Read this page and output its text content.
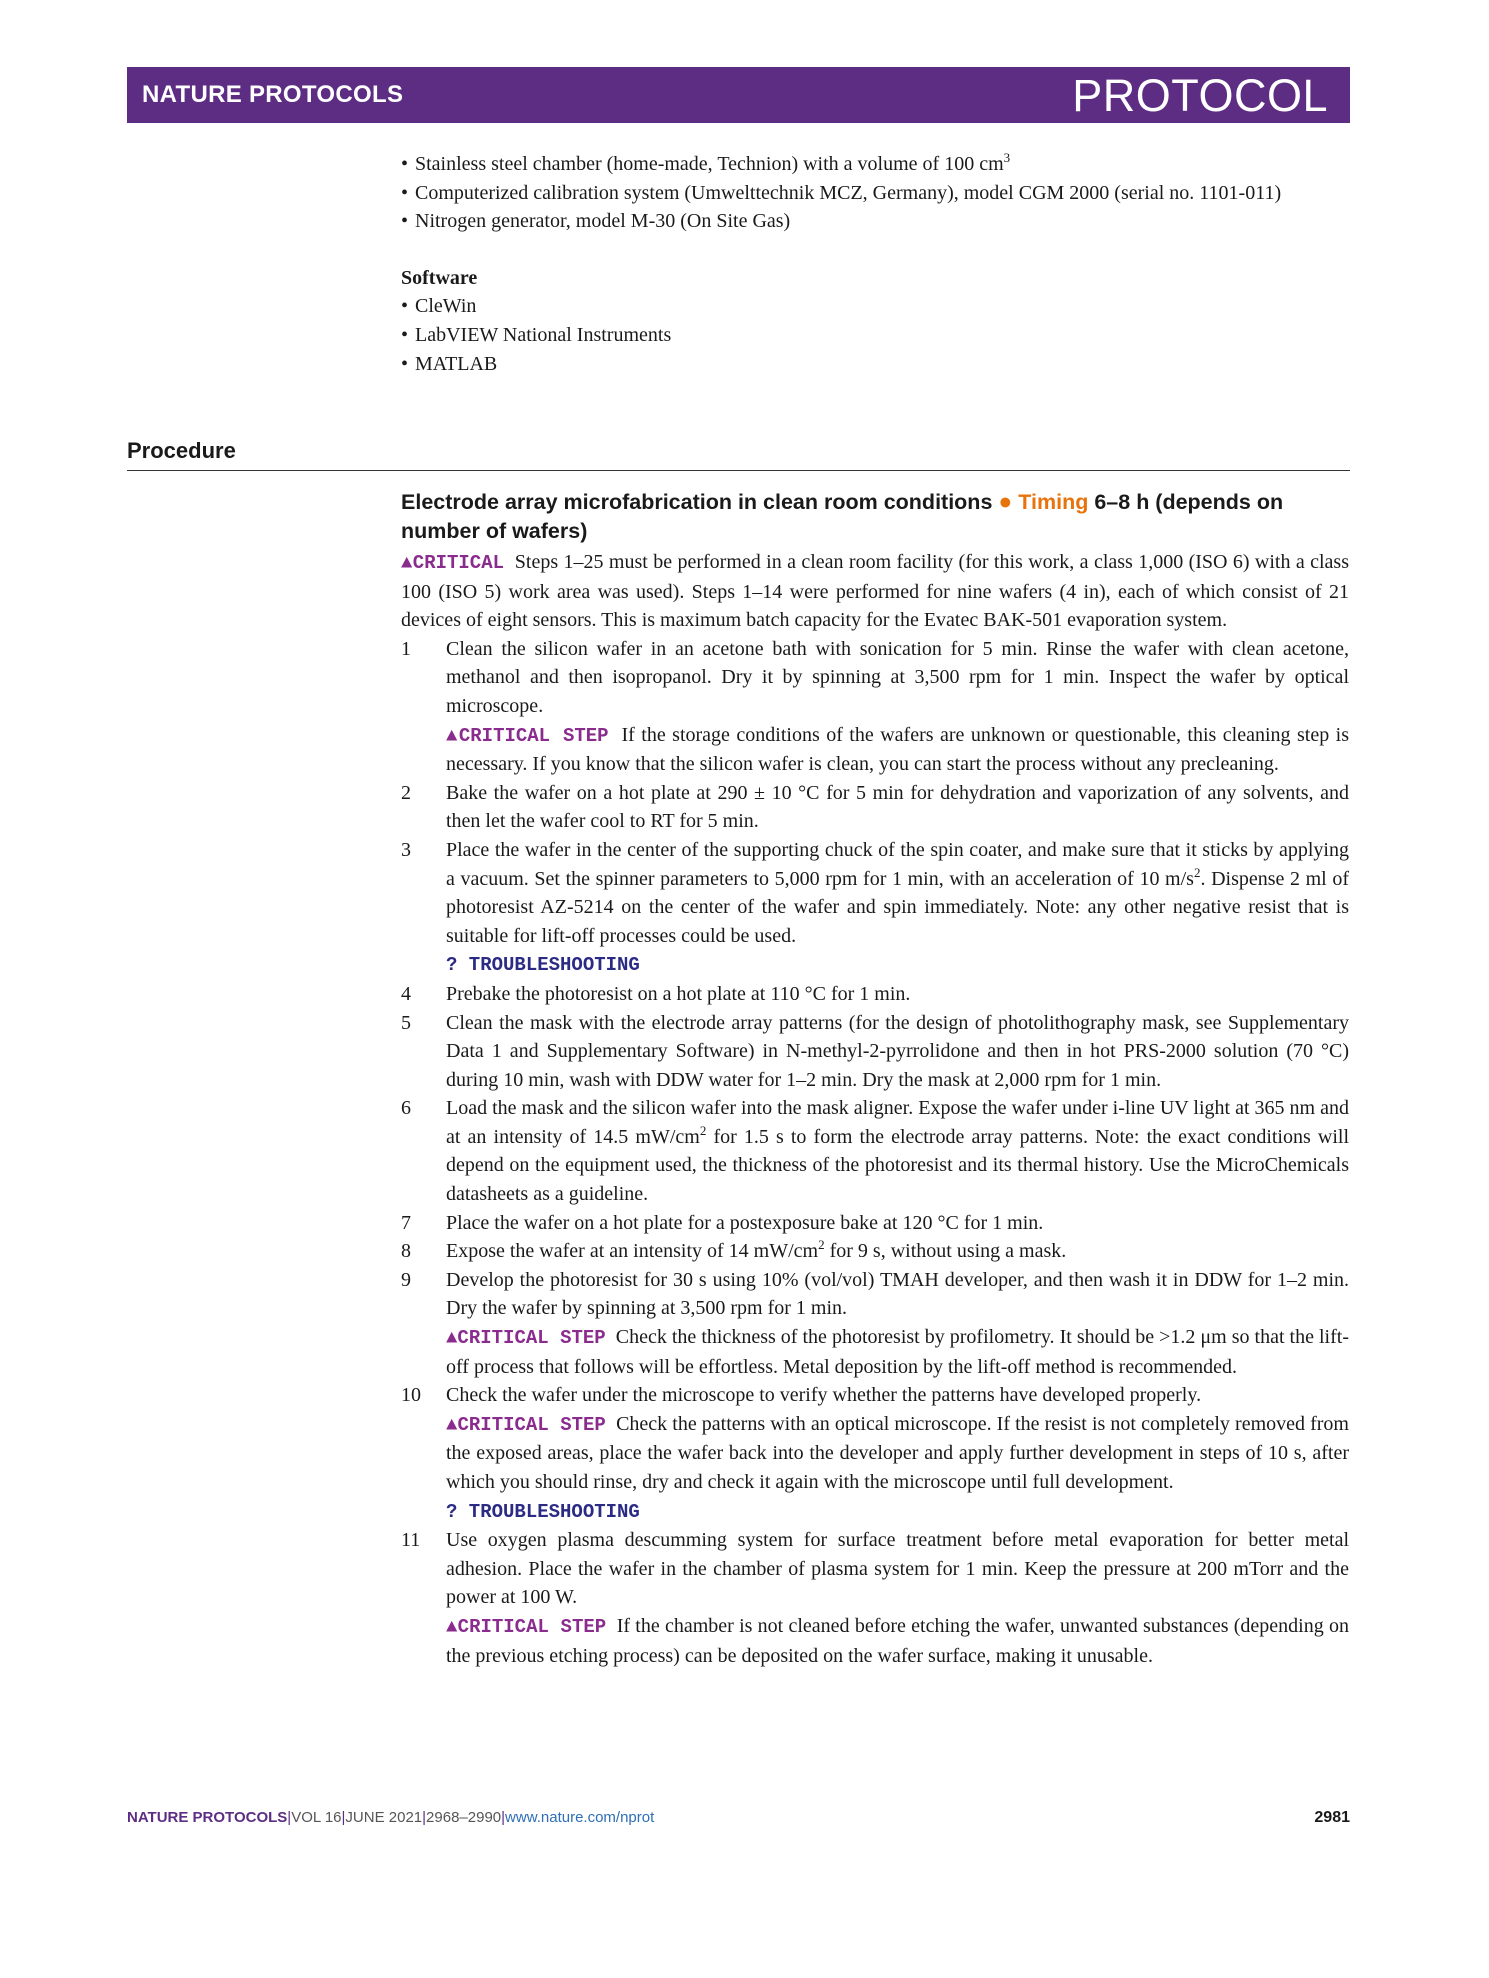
NATURE PROTOCOLS	PROTOCOL
• Stainless steel chamber (home-made, Technion) with a volume of 100 $cm^3$
• Computerized calibration system (Umwelttechnik MCZ, Germany), model CGM 2000 (serial no. 1101-011)
• Nitrogen generator, model M-30 (On Site Gas)

Software

• CleWin
• LabVIEW National Instruments
• MATLAB
Procedure

Electrode array microfabrication in clean room conditions ● Timing 6–8 h (depends on number of wafers)

▲CRITICAL Steps 1–25 must be performed in a clean room facility (for this work, a class 1,000 (ISO 6) with a class 100 (ISO 5) work area was used). Steps 1–14 were performed for nine wafers (4 in), each of which consist of 21 devices of eight sensors. This is maximum batch capacity for the Evatec BAK-501 evaporation system.

1 Clean the silicon wafer in an acetone bath with sonication for 5 min. Rinse the wafer with clean acetone, methanol and then isopropanol. Dry it by spinning at 3,500 rpm for 1 min. Inspect the wafer by optical microscope.

▲CRITICAL STEP If the storage conditions of the wafers are unknown or questionable, this cleaning step is necessary. If you know that the silicon wafer is clean, you can start the process without any precleaning.

2 Bake the wafer on a hot plate at 290 ± 10 °C for 5 min for dehydration and vaporization of any solvents, and then let the wafer cool to RT for 5 min.

3 Place the wafer in the center of the supporting chuck of the spin coater, and make sure that it sticks by applying a vacuum. Set the spinner parameters to 5,000 rpm for 1 min, with an acceleration of 10 $m/s^2$. Dispense 2 ml of photoresist AZ-5214 on the center of the wafer and spin immediately. Note: any other negative resist that is suitable for lift-off processes could be used.

? TROUBLESHOOTING

4 Prebake the photoresist on a hot plate at 110 °C for 1 min.

5 Clean the mask with the electrode array patterns (for the design of photolithography mask, see Supplementary Data 1 and Supplementary Software) in N-methyl-2-pyrrolidone and then in hot PRS-2000 solution (70 °C) during 10 min, wash with DDW water for 1–2 min. Dry the mask at 2,000 rpm for 1 min.

6 Load the mask and the silicon wafer into the mask aligner. Expose the wafer under i-line UV light at 365 nm and at an intensity of 14.5 $mW/cm^2$ for 1.5 s to form the electrode array patterns. Note: the exact conditions will depend on the equipment used, the thickness of the photoresist and its thermal history. Use the MicroChemicals datasheets as a guideline.

7 Place the wafer on a hot plate for a postexposure bake at 120 °C for 1 min.

8 Expose the wafer at an intensity of 14 $mW/cm^2$ for 9 s, without using a mask.

9 Develop the photoresist for 30 s using 10% (vol/vol) TMAH developer, and then wash it in DDW for 1–2 min. Dry the wafer by spinning at 3,500 rpm for 1 min.

▲CRITICAL STEP Check the thickness of the photoresist by profilometry. It should be >1.2 μm so that the lift-off process that follows will be effortless. Metal deposition by the lift-off method is recommended.

10 Check the wafer under the microscope to verify whether the patterns have developed properly.

▲CRITICAL STEP Check the patterns with an optical microscope. If the resist is not completely removed from the exposed areas, place the wafer back into the developer and apply further development in steps of 10 s, after which you should rinse, dry and check it again with the microscope until full development.

? TROUBLESHOOTING

11 Use oxygen plasma descumming system for surface treatment before metal evaporation for better metal adhesion. Place the wafer in the chamber of plasma system for 1 min. Keep the pressure at 200 mTorr and the power at 100 W.

▲CRITICAL STEP If the chamber is not cleaned before etching the wafer, unwanted substances (depending on the previous etching process) can be deposited on the wafer surface, making it unusable.

NATURE PROTOCOLS|VOL 16|JUNE 2021|2968–2990|www.nature.com/nprot	2981
